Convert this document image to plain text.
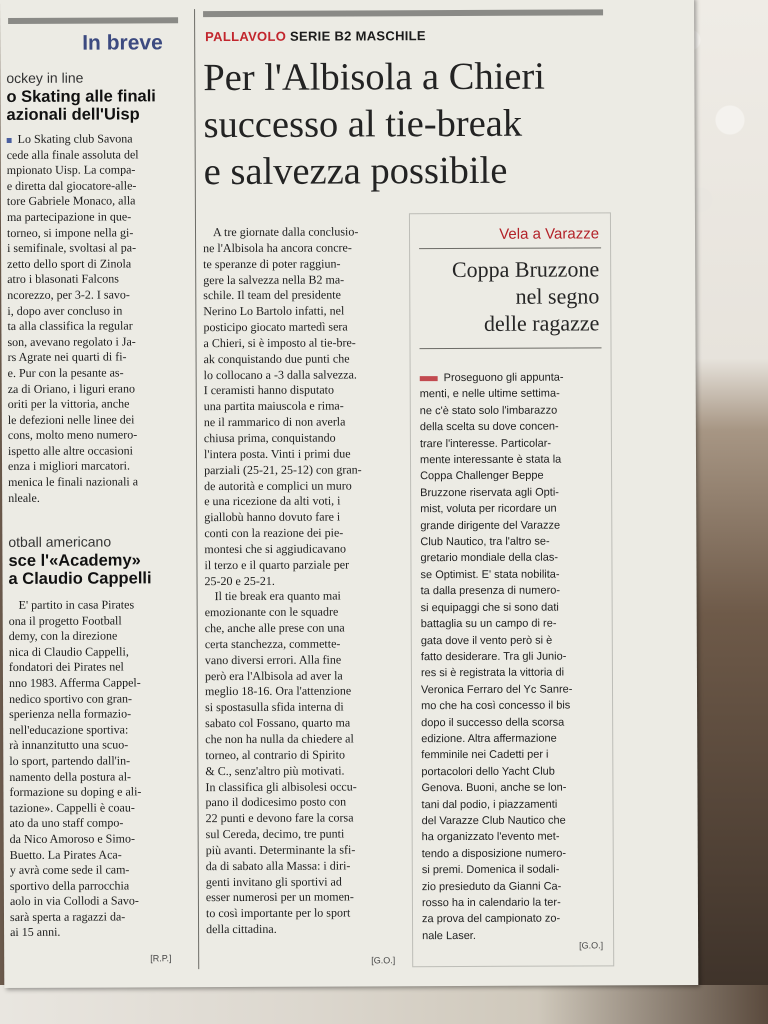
In breve
ockey in line
o Skating alle finali
azionali dell'Uisp
Lo Skating club Savona
cede alla finale assoluta del
mpionato Uisp. La compa-
e diretta dal giocatore-alle-
tore Gabriele Monaco, alla
ma partecipazione in que-
torneo, si impone nella gi-
i semifinale, svoltasi al pa-
zetto dello sport di Zinola
atro i blasonati Falcons
ncorezzo, per 3-2. I savo-
i, dopo aver concluso in
ta alla classifica la regular
son, avevano regolato i Ja-
rs Agrate nei quarti di fi-
e. Pur con la pesante as-
za di Oriano, i liguri erano
oriti per la vittoria, anche
le defezioni nelle linee dei
cons, molto meno numero-
ispetto alle altre occasioni
enza i migliori marcatori.
menica le finali nazionali a
nleale.
otball americano
sce l'«Academy»
a Claudio Cappelli
E' partito in casa Pirates
ona il progetto Football
demy, con la direzione
nica di Claudio Cappelli,
fondatori dei Pirates nel
nno 1983. Afferma Cappel-
nedico sportivo con gran-
sperienza nella formazio-
nell'educazione sportiva:
rà innanzitutto una scuo-
lo sport, partendo dall'in-
namento della postura al-
formazione su doping e ali-
tazione». Cappelli è coau-
ato da uno staff compo-
da Nico Amoroso e Simo-
Buetto. La Pirates Aca-
y avrà come sede il cam-
sportivo della parrocchia
aolo in via Collodi a Savo-
sarà sperta a ragazzi da-
ai 15 anni.
[R.P.]
PALLAVOLO SERIE B2 MASCHILE
Per l'Albisola a Chieri
successo al tie-break
e salvezza possibile
A tre giornate dalla conclusio-
ne l'Albisola ha ancora concre-
te speranze di poter raggiun-
gere la salvezza nella B2 ma-
schile. Il team del presidente
Nerino Lo Bartolo infatti, nel
posticipo giocato martedì sera
a Chieri, si è imposto al tie-bre-
ak conquistando due punti che
lo collocano a -3 dalla salvezza.
I ceramisti hanno disputato
una partita maiuscola e rima-
ne il rammarico di non averla
chiusa prima, conquistando
l'intera posta. Vinti i primi due
parziali (25-21, 25-12) con gran-
de autorità e complici un muro
e una ricezione da alti voti, i
giallobù hanno dovuto fare i
conti con la reazione dei pie-
montesi che si aggiudicavano
il terzo e il quarto parziale per
25-20 e 25-21.
Il tie break era quanto mai
emozionante con le squadre
che, anche alle prese con una
certa stanchezza, commette-
vano diversi errori. Alla fine
però era l'Albisola ad aver la
meglio 18-16. Ora l'attenzione
si spostasulla sfida interna di
sabato col Fossano, quarto ma
che non ha nulla da chiedere al
torneo, al contrario di Spirito
& C., senz'altro più motivati.
In classifica gli albisolesi occu-
pano il dodicesimo posto con
22 punti e devono fare la corsa
sul Cereda, decimo, tre punti
più avanti. Determinante la sfi-
da di sabato alla Massa: i diri-
genti invitano gli sportivi ad
esser numerosi per un momen-
to così importante per lo sport
della cittadina.
[G.O.]
Vela a Varazze
Coppa Bruzzone
nel segno
delle ragazze
Proseguono gli appunta-
menti, e nelle ultime settima-
ne c'è stato solo l'imbarazzo
della scelta su dove concen-
trare l'interesse. Particolar-
mente interessante è stata la
Coppa Challenger Beppe
Bruzzone riservata agli Opti-
mist, voluta per ricordare un
grande dirigente del Varazze
Club Nautico, tra l'altro se-
gretario mondiale della clas-
se Optimist. E' stata nobilita-
ta dalla presenza di numero-
si equipaggi che si sono dati
battaglia su un campo di re-
gata dove il vento però si è
fatto desiderare. Tra gli Junio-
res si è registrata la vittoria di
Veronica Ferraro del Yc Sanre-
mo che ha così concesso il bis
dopo il successo della scorsa
edizione. Altra affermazione
femminile nei Cadetti per i
portacolori dello Yacht Club
Genova. Buoni, anche se lon-
tani dal podio, i piazzamenti
del Varazze Club Nautico che
ha organizzato l'evento met-
tendo a disposizione numero-
si premi. Domenica il sodali-
zio presieduto da Gianni Ca-
rosso ha in calendario la ter-
za prova del campionato zo-
nale Laser.
[G.O.]
